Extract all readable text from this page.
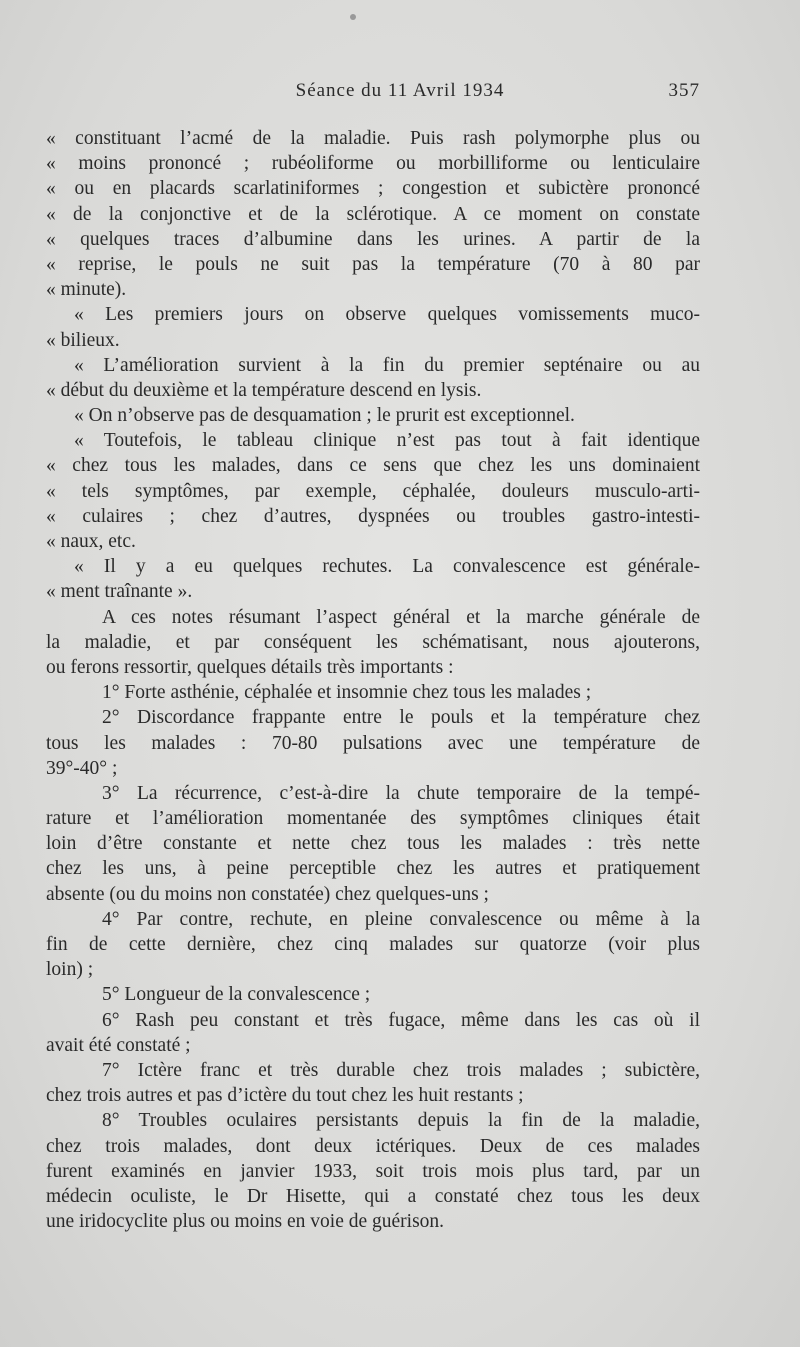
Séance du 11 Avril 1934	357
« constituant l’acmé de la maladie. Puis rash polymorphe plus ou
« moins prononcé ; rubéoliforme ou morbilliforme ou lenticulaire
« ou en placards scarlatiniformes ; congestion et subictère prononcé
« de la conjonctive et de la sclérotique. A ce moment on constate
« quelques traces d’albumine dans les urines. A partir de la
« reprise, le pouls ne suit pas la température (70 à 80 par
« minute).
« Les premiers jours on observe quelques vomissements muco-
« bilieux.
« L’amélioration survient à la fin du premier septénaire ou au
« début du deuxième et la température descend en lysis.
« On n’observe pas de desquamation ; le prurit est exceptionnel.
« Toutefois, le tableau clinique n’est pas tout à fait identique
« chez tous les malades, dans ce sens que chez les uns dominaient
« tels symptômes, par exemple, céphalée, douleurs musculo-arti-
« culaires ; chez d’autres, dyspnées ou troubles gastro-intesti-
« naux, etc.
« Il y a eu quelques rechutes. La convalescence est générale-
« ment traînante ».
A ces notes résumant l’aspect général et la marche générale de
la maladie, et par conséquent les schématisant, nous ajouterons,
ou ferons ressortir, quelques détails très importants :
1° Forte asthénie, céphalée et insomnie chez tous les malades ;
2° Discordance frappante entre le pouls et la température chez
tous les malades : 70-80 pulsations avec une température de
39°-40° ;
3° La récurrence, c’est-à-dire la chute temporaire de la tempé-
rature et l’amélioration momentanée des symptômes cliniques était
loin d’être constante et nette chez tous les malades : très nette
chez les uns, à peine perceptible chez les autres et pratiquement
absente (ou du moins non constatée) chez quelques-uns ;
4° Par contre, rechute, en pleine convalescence ou même à la
fin de cette dernière, chez cinq malades sur quatorze (voir plus
loin) ;
5° Longueur de la convalescence ;
6° Rash peu constant et très fugace, même dans les cas où il
avait été constaté ;
7° Ictère franc et très durable chez trois malades ; subictère,
chez trois autres et pas d’ictère du tout chez les huit restants ;
8° Troubles oculaires persistants depuis la fin de la maladie,
chez trois malades, dont deux ictériques. Deux de ces malades
furent examinés en janvier 1933, soit trois mois plus tard, par un
médecin oculiste, le Dr Hisette, qui a constaté chez tous les deux
une iridocyclite plus ou moins en voie de guérison.
